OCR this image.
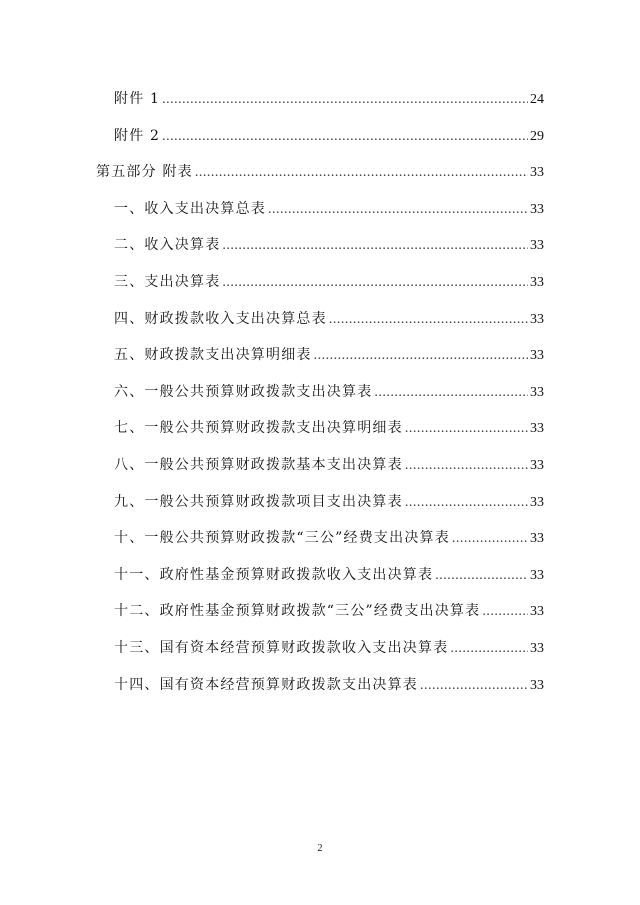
附件 1 .....	24
附件 2 .....	29
第五部分 附表 .....	33
一、收入支出决算总表 .....	33
二、收入决算表 .....	33
三、支出决算表 .....	33
四、财政拨款收入支出决算总表 .....	33
五、财政拨款支出决算明细表 .....	33
六、一般公共预算财政拨款支出决算表 .....	33
七、一般公共预算财政拨款支出决算明细表 .....	33
八、一般公共预算财政拨款基本支出决算表 .....	33
九、一般公共预算财政拨款项目支出决算表 .....	33
十、一般公共预算财政拨款“三公”经费支出决算表 .....	33
十一、政府性基金预算财政拨款收入支出决算表 .....	33
十二、政府性基金预算财政拨款“三公”经费支出决算表 .....	33
十三、国有资本经营预算财政拨款收入支出决算表 .....	33
十四、国有资本经营预算财政拨款支出决算表 .....	33
2
